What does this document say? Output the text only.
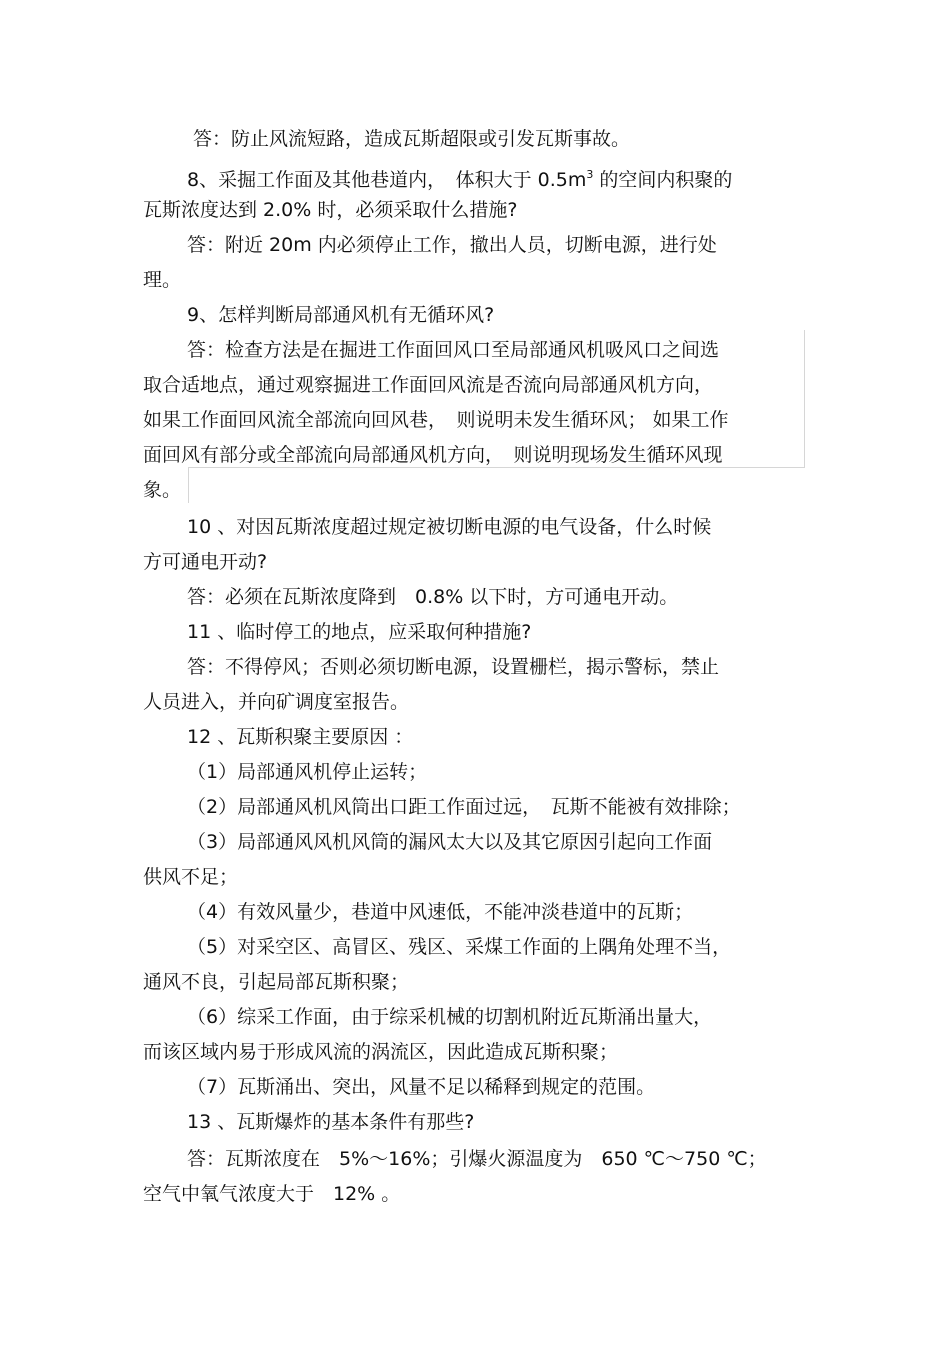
答：防止风流短路，造成瓦斯超限或引发瓦斯事故。
8、采掘工作面及其他巷道内，　体积大于 $0.5m^3$ 的空间内积聚的
瓦斯浓度达到 2.0% 时，必须采取什么措施?
答：附近 20m 内必须停止工作，撤出人员，切断电源，进行处
理。
9、怎样判断局部通风机有无循环风?
答：检查方法是在掘进工作面回风口至局部通风机吸风口之间选
取合适地点，通过观察掘进工作面回风流是否流向局部通风机方向，
如果工作面回风流全部流向回风巷，　则说明未发生循环风； 如果工作
面回风有部分或全部流向局部通风机方向，　则说明现场发生循环风现
象。
10 、对因瓦斯浓度超过规定被切断电源的电气设备，什么时候
方可通电开动?
答：必须在瓦斯浓度降到　0.8% 以下时，方可通电开动。
11 、临时停工的地点，应采取何种措施?
答：不得停风；否则必须切断电源，设置栅栏，揭示警标，禁止
人员进入，并向矿调度室报告。
12 、瓦斯积聚主要原因 ：
（1）局部通风机停止运转；
（2）局部通风机风筒出口距工作面过远，　瓦斯不能被有效排除；
（3）局部通风风机风筒的漏风太大以及其它原因引起向工作面
供风不足；
（4）有效风量少，巷道中风速低，不能冲淡巷道中的瓦斯；
（5）对采空区、高冒区、残区、采煤工作面的上隅角处理不当，
通风不良，引起局部瓦斯积聚；
（6）综采工作面，由于综采机械的切割机附近瓦斯涌出量大，
而该区域内易于形成风流的涡流区，因此造成瓦斯积聚；
（7）瓦斯涌出、突出，风量不足以稀释到规定的范围。
13 、瓦斯爆炸的基本条件有那些?
答：瓦斯浓度在　5%～16%；引爆火源温度为　650 ℃～750 ℃；
空气中氧气浓度大于　12% 。
